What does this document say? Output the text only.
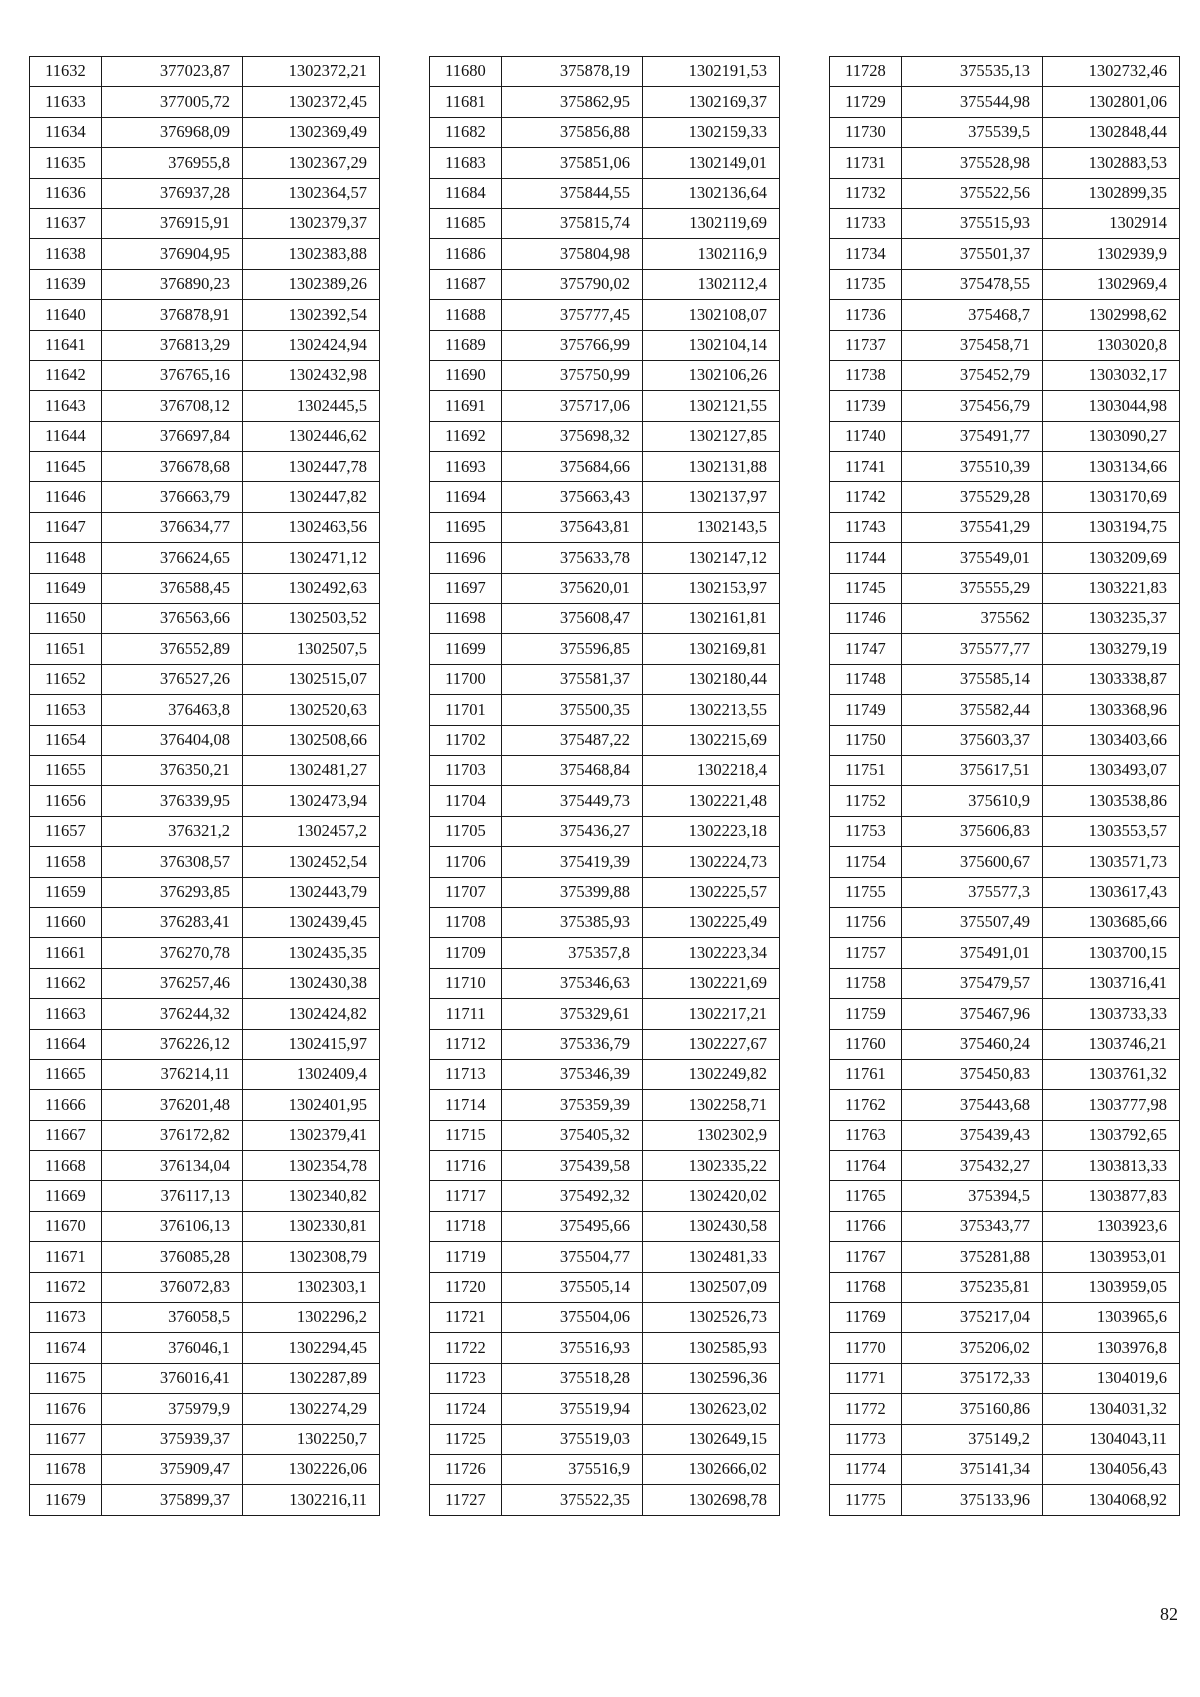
11632	377023,87	1302372,21
11633	377005,72	1302372,45
11634	376968,09	1302369,49
11635	376955,8	1302367,29
11636	376937,28	1302364,57
11637	376915,91	1302379,37
11638	376904,95	1302383,88
11639	376890,23	1302389,26
11640	376878,91	1302392,54
11641	376813,29	1302424,94
11642	376765,16	1302432,98
11643	376708,12	1302445,5
11644	376697,84	1302446,62
11645	376678,68	1302447,78
11646	376663,79	1302447,82
11647	376634,77	1302463,56
11648	376624,65	1302471,12
11649	376588,45	1302492,63
11650	376563,66	1302503,52
11651	376552,89	1302507,5
11652	376527,26	1302515,07
11653	376463,8	1302520,63
11654	376404,08	1302508,66
11655	376350,21	1302481,27
11656	376339,95	1302473,94
11657	376321,2	1302457,2
11658	376308,57	1302452,54
11659	376293,85	1302443,79
11660	376283,41	1302439,45
11661	376270,78	1302435,35
11662	376257,46	1302430,38
11663	376244,32	1302424,82
11664	376226,12	1302415,97
11665	376214,11	1302409,4
11666	376201,48	1302401,95
11667	376172,82	1302379,41
11668	376134,04	1302354,78
11669	376117,13	1302340,82
11670	376106,13	1302330,81
11671	376085,28	1302308,79
11672	376072,83	1302303,1
11673	376058,5	1302296,2
11674	376046,1	1302294,45
11675	376016,41	1302287,89
11676	375979,9	1302274,29
11677	375939,37	1302250,7
11678	375909,47	1302226,06
11679	375899,37	1302216,11
11680	375878,19	1302191,53
11681	375862,95	1302169,37
11682	375856,88	1302159,33
11683	375851,06	1302149,01
11684	375844,55	1302136,64
11685	375815,74	1302119,69
11686	375804,98	1302116,9
11687	375790,02	1302112,4
11688	375777,45	1302108,07
11689	375766,99	1302104,14
11690	375750,99	1302106,26
11691	375717,06	1302121,55
11692	375698,32	1302127,85
11693	375684,66	1302131,88
11694	375663,43	1302137,97
11695	375643,81	1302143,5
11696	375633,78	1302147,12
11697	375620,01	1302153,97
11698	375608,47	1302161,81
11699	375596,85	1302169,81
11700	375581,37	1302180,44
11701	375500,35	1302213,55
11702	375487,22	1302215,69
11703	375468,84	1302218,4
11704	375449,73	1302221,48
11705	375436,27	1302223,18
11706	375419,39	1302224,73
11707	375399,88	1302225,57
11708	375385,93	1302225,49
11709	375357,8	1302223,34
11710	375346,63	1302221,69
11711	375329,61	1302217,21
11712	375336,79	1302227,67
11713	375346,39	1302249,82
11714	375359,39	1302258,71
11715	375405,32	1302302,9
11716	375439,58	1302335,22
11717	375492,32	1302420,02
11718	375495,66	1302430,58
11719	375504,77	1302481,33
11720	375505,14	1302507,09
11721	375504,06	1302526,73
11722	375516,93	1302585,93
11723	375518,28	1302596,36
11724	375519,94	1302623,02
11725	375519,03	1302649,15
11726	375516,9	1302666,02
11727	375522,35	1302698,78
11728	375535,13	1302732,46
11729	375544,98	1302801,06
11730	375539,5	1302848,44
11731	375528,98	1302883,53
11732	375522,56	1302899,35
11733	375515,93	1302914
11734	375501,37	1302939,9
11735	375478,55	1302969,4
11736	375468,7	1302998,62
11737	375458,71	1303020,8
11738	375452,79	1303032,17
11739	375456,79	1303044,98
11740	375491,77	1303090,27
11741	375510,39	1303134,66
11742	375529,28	1303170,69
11743	375541,29	1303194,75
11744	375549,01	1303209,69
11745	375555,29	1303221,83
11746	375562	1303235,37
11747	375577,77	1303279,19
11748	375585,14	1303338,87
11749	375582,44	1303368,96
11750	375603,37	1303403,66
11751	375617,51	1303493,07
11752	375610,9	1303538,86
11753	375606,83	1303553,57
11754	375600,67	1303571,73
11755	375577,3	1303617,43
11756	375507,49	1303685,66
11757	375491,01	1303700,15
11758	375479,57	1303716,41
11759	375467,96	1303733,33
11760	375460,24	1303746,21
11761	375450,83	1303761,32
11762	375443,68	1303777,98
11763	375439,43	1303792,65
11764	375432,27	1303813,33
11765	375394,5	1303877,83
11766	375343,77	1303923,6
11767	375281,88	1303953,01
11768	375235,81	1303959,05
11769	375217,04	1303965,6
11770	375206,02	1303976,8
11771	375172,33	1304019,6
11772	375160,86	1304031,32
11773	375149,2	1304043,11
11774	375141,34	1304056,43
11775	375133,96	1304068,92
82
